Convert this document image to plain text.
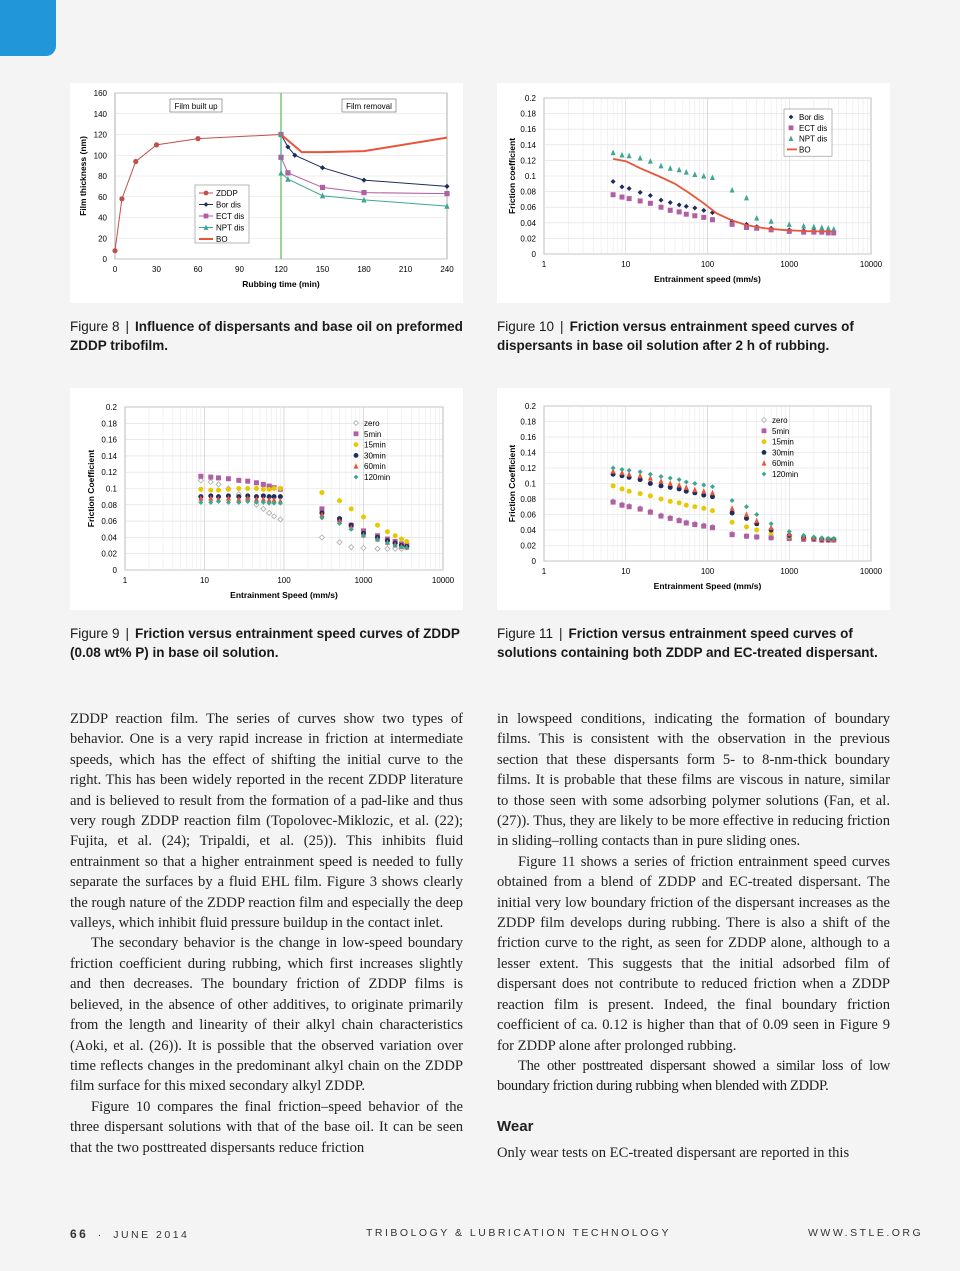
0
20
40
60
80
100
120
140
160
0	30	60	90	120	150	180	210	240
Film built up	Film removal
ZDDP
Bor dis
ECT dis
NPT dis
BO
Film thickness (nm)
Rubbing time (min)
Figure 8 | Influence of dispersants and base oil on preformed ZDDP tribofilm.
0
0.02
0.04
0.06
0.08
0.1
0.12
0.14
0.16
0.18
0.2
1	10	100	1000	10000
Bor dis
ECT dis
NPT dis
BO
Friction coefficient
Entrainment speed (mm/s)
Figure 10 | Friction versus entrainment speed curves of dispersants in base oil solution after 2 h of rubbing.
0
0.02
0.04
0.06
0.08
0.1
0.12
0.14
0.16
0.18
0.2
1	10	100	1000	10000
zero
5min
15min
30min
60min
120min
Friction Coefficient
Entrainment Speed (mm/s)
Figure 9 | Friction versus entrainment speed curves of ZDDP (0.08 wt% P) in base oil solution.
0
0.02
0.04
0.06
0.08
0.1
0.12
0.14
0.16
0.18
0.2
1	10	100	1000	10000
zero
5min
15min
30min
60min
120min
Friction Coefficient
Entrainment Speed (mm/s)
Figure 11 | Friction versus entrainment speed curves of solutions containing both ZDDP and EC-treated dispersant.

ZDDP reaction film. The series of curves show two types of behavior. One is a very rapid increase in friction at intermediate speeds, which has the effect of shifting the initial curve to the right. This has been widely reported in the recent ZDDP literature and is believed to result from the formation of a pad-like and thus very rough ZDDP reaction film (Topolovec-Miklozic, et al. (22); Fujita, et al. (24); Tripaldi, et al. (25)). This inhibits fluid entrainment so that a higher entrainment speed is needed to fully separate the surfaces by a fluid EHL film. Figure 3 shows clearly the rough nature of the ZDDP reaction film and especially the deep valleys, which inhibit fluid pressure buildup in the contact inlet.

The secondary behavior is the change in low-speed boundary friction coefficient during rubbing, which first increases slightly and then decreases. The boundary friction of ZDDP films is believed, in the absence of other additives, to originate primarily from the length and linearity of their alkyl chain characteristics (Aoki, et al. (26)). It is possible that the observed variation over time reflects changes in the predominant alkyl chain on the ZDDP film surface for this mixed secondary alkyl ZDDP.

Figure 10 compares the final friction–speed behavior of the three dispersant solutions with that of the base oil. It can be seen that the two posttreated dispersants reduce friction

in lowspeed conditions, indicating the formation of boundary films. This is consistent with the observation in the previous section that these dispersants form 5- to 8-nm-thick boundary films. It is probable that these films are viscous in nature, similar to those seen with some adsorbing polymer solutions (Fan, et al. (27)). Thus, they are likely to be more effective in reducing friction in sliding–rolling contacts than in pure sliding ones.

Figure 11 shows a series of friction entrainment speed curves obtained from a blend of ZDDP and EC-treated dispersant. The initial very low boundary friction of the dispersant increases as the ZDDP film develops during rubbing. There is also a shift of the friction curve to the right, as seen for ZDDP alone, although to a lesser extent. This suggests that the initial adsorbed film of dispersant does not contribute to reduced friction when a ZDDP reaction film is present. Indeed, the final boundary friction coefficient of ca. 0.12 is higher than that of 0.09 seen in Figure 9 for ZDDP alone after prolonged rubbing.

The other posttreated dispersant showed a similar loss of low boundary friction during rubbing when blended with ZDDP.

Wear

Only wear tests on EC-treated dispersant are reported in this

66 · JUNE 2014	TRIBOLOGY & LUBRICATION TECHNOLOGY	WWW.STLE.ORG
